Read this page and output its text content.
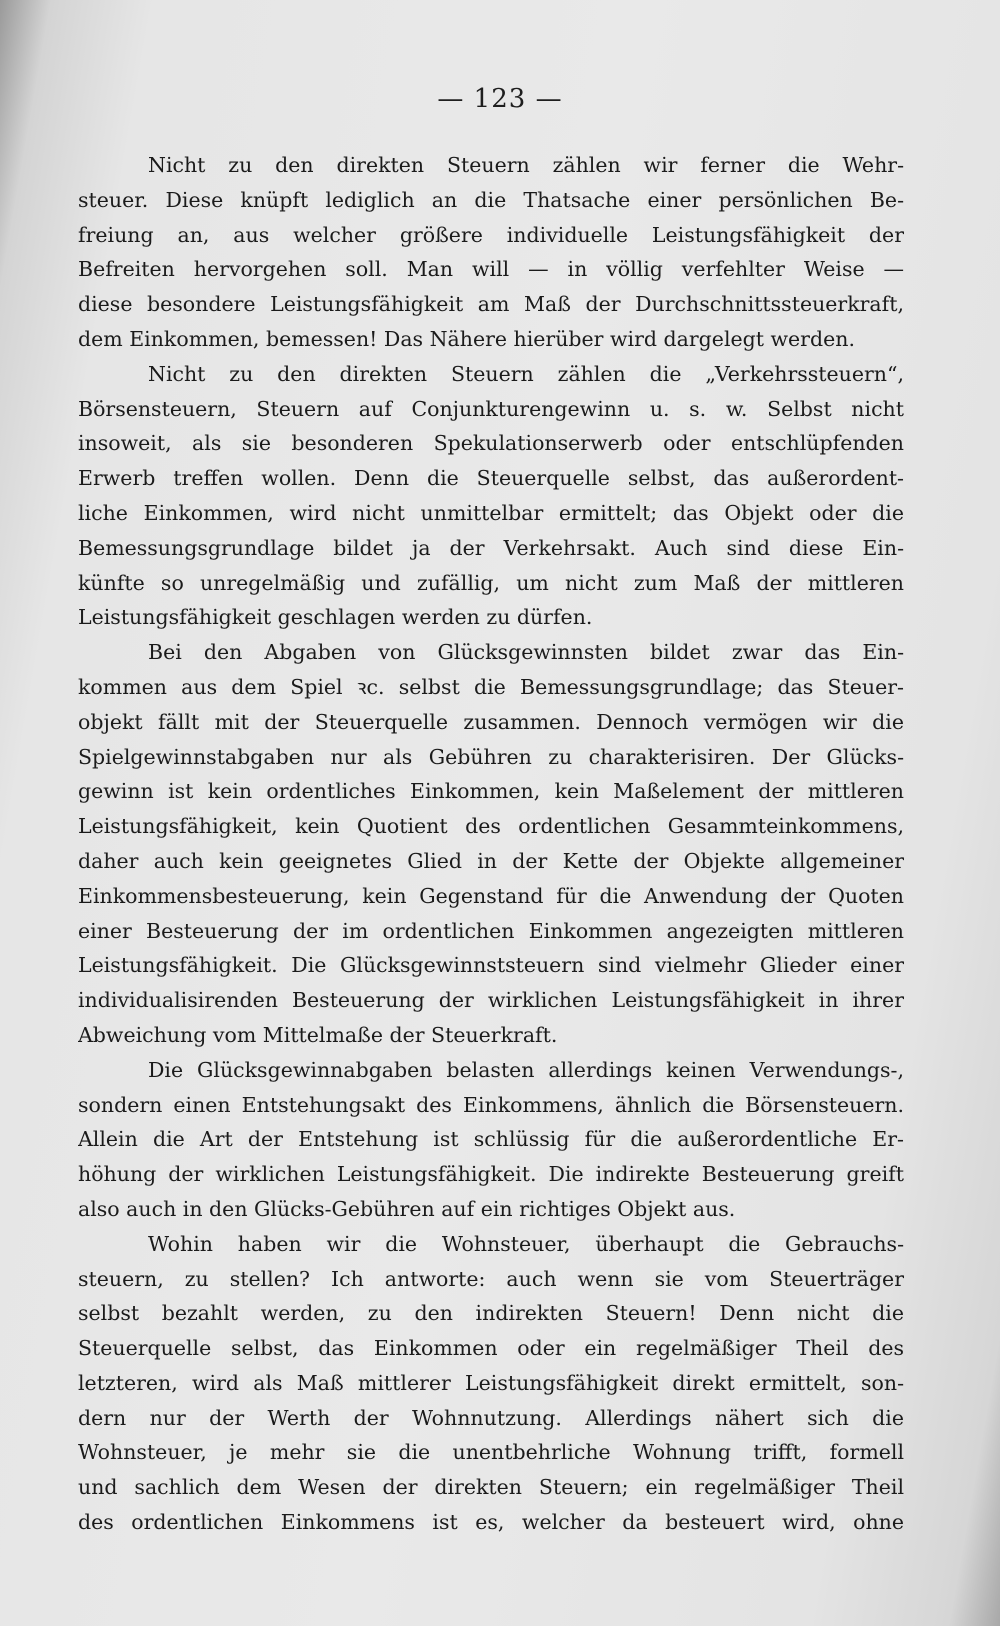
— 123 —
Nicht zu den direkten Steuern zählen wir ferner die Wehr-
steuer. Diese knüpft lediglich an die Thatsache einer persönlichen Be-
freiung an, aus welcher größere individuelle Leistungsfähigkeit der
Befreiten hervorgehen soll. Man will — in völlig verfehlter Weise —
diese besondere Leistungsfähigkeit am Maß der Durchschnittssteuerkraft,
dem Einkommen, bemessen! Das Nähere hierüber wird dargelegt werden.
Nicht zu den direkten Steuern zählen die „Verkehrssteuern“,
Börsensteuern, Steuern auf Conjunkturengewinn u. s. w. Selbst nicht
insoweit, als sie besonderen Spekulationserwerb oder entschlüpfenden
Erwerb treffen wollen. Denn die Steuerquelle selbst, das außerordent-
liche Einkommen, wird nicht unmittelbar ermittelt; das Objekt oder die
Bemessungsgrundlage bildet ja der Verkehrsakt. Auch sind diese Ein-
künfte so unregelmäßig und zufällig, um nicht zum Maß der mittleren
Leistungsfähigkeit geschlagen werden zu dürfen.
Bei den Abgaben von Glücksgewinnsten bildet zwar das Ein-
kommen aus dem Spiel ꝛc. selbst die Bemessungsgrundlage; das Steuer-
objekt fällt mit der Steuerquelle zusammen. Dennoch vermögen wir die
Spielgewinnstabgaben nur als Gebühren zu charakterisiren. Der Glücks-
gewinn ist kein ordentliches Einkommen, kein Maßelement der mittleren
Leistungsfähigkeit, kein Quotient des ordentlichen Gesammteinkommens,
daher auch kein geeignetes Glied in der Kette der Objekte allgemeiner
Einkommensbesteuerung, kein Gegenstand für die Anwendung der Quoten
einer Besteuerung der im ordentlichen Einkommen angezeigten mittleren
Leistungsfähigkeit. Die Glücksgewinnststeuern sind vielmehr Glieder einer
individualisirenden Besteuerung der wirklichen Leistungsfähigkeit in ihrer
Abweichung vom Mittelmaße der Steuerkraft.
Die Glücksgewinnabgaben belasten allerdings keinen Verwendungs-,
sondern einen Entstehungsakt des Einkommens, ähnlich die Börsensteuern.
Allein die Art der Entstehung ist schlüssig für die außerordentliche Er-
höhung der wirklichen Leistungsfähigkeit. Die indirekte Besteuerung greift
also auch in den Glücks-Gebühren auf ein richtiges Objekt aus.
Wohin haben wir die Wohnsteuer, überhaupt die Gebrauchs-
steuern, zu stellen? Ich antworte: auch wenn sie vom Steuerträger
selbst bezahlt werden, zu den indirekten Steuern! Denn nicht die
Steuerquelle selbst, das Einkommen oder ein regelmäßiger Theil des
letzteren, wird als Maß mittlerer Leistungsfähigkeit direkt ermittelt, son-
dern nur der Werth der Wohnnutzung. Allerdings nähert sich die
Wohnsteuer, je mehr sie die unentbehrliche Wohnung trifft, formell
und sachlich dem Wesen der direkten Steuern; ein regelmäßiger Theil
des ordentlichen Einkommens ist es, welcher da besteuert wird, ohne
